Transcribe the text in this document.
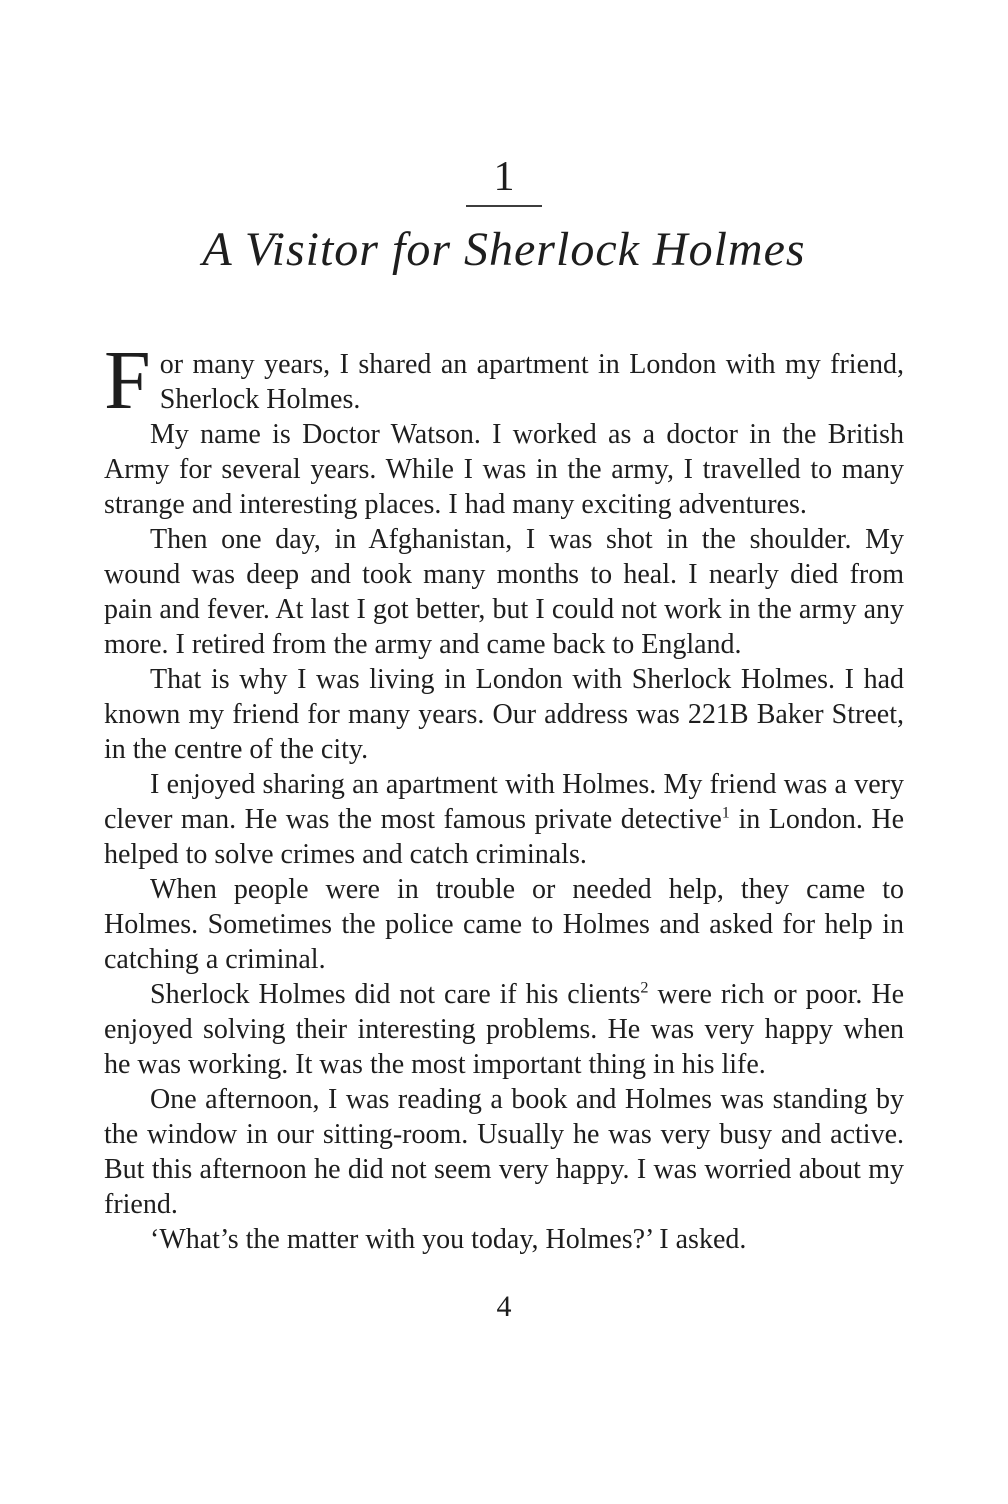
1
A Visitor for Sherlock Holmes

For many years, I shared an apartment in London with my friend, Sherlock Holmes.

My name is Doctor Watson. I worked as a doctor in the British Army for several years. While I was in the army, I travelled to many strange and interesting places. I had many exciting adventures.

Then one day, in Afghanistan, I was shot in the shoulder. My wound was deep and took many months to heal. I nearly died from pain and fever. At last I got better, but I could not work in the army any more. I retired from the army and came back to England.

That is why I was living in London with Sherlock Holmes. I had known my friend for many years. Our address was 221B Baker Street, in the centre of the city.

I enjoyed sharing an apartment with Holmes. My friend was a very clever man. He was the most famous private detective$^1$ in London. He helped to solve crimes and catch criminals.

When people were in trouble or needed help, they came to Holmes. Sometimes the police came to Holmes and asked for help in catching a criminal.

Sherlock Holmes did not care if his clients$^2$ were rich or poor. He enjoyed solving their interesting problems. He was very happy when he was working. It was the most important thing in his life.

One afternoon, I was reading a book and Holmes was standing by the window in our sitting-room. Usually he was very busy and active. But this afternoon he did not seem very happy. I was worried about my friend.

‘What’s the matter with you today, Holmes?’ I asked.

4
